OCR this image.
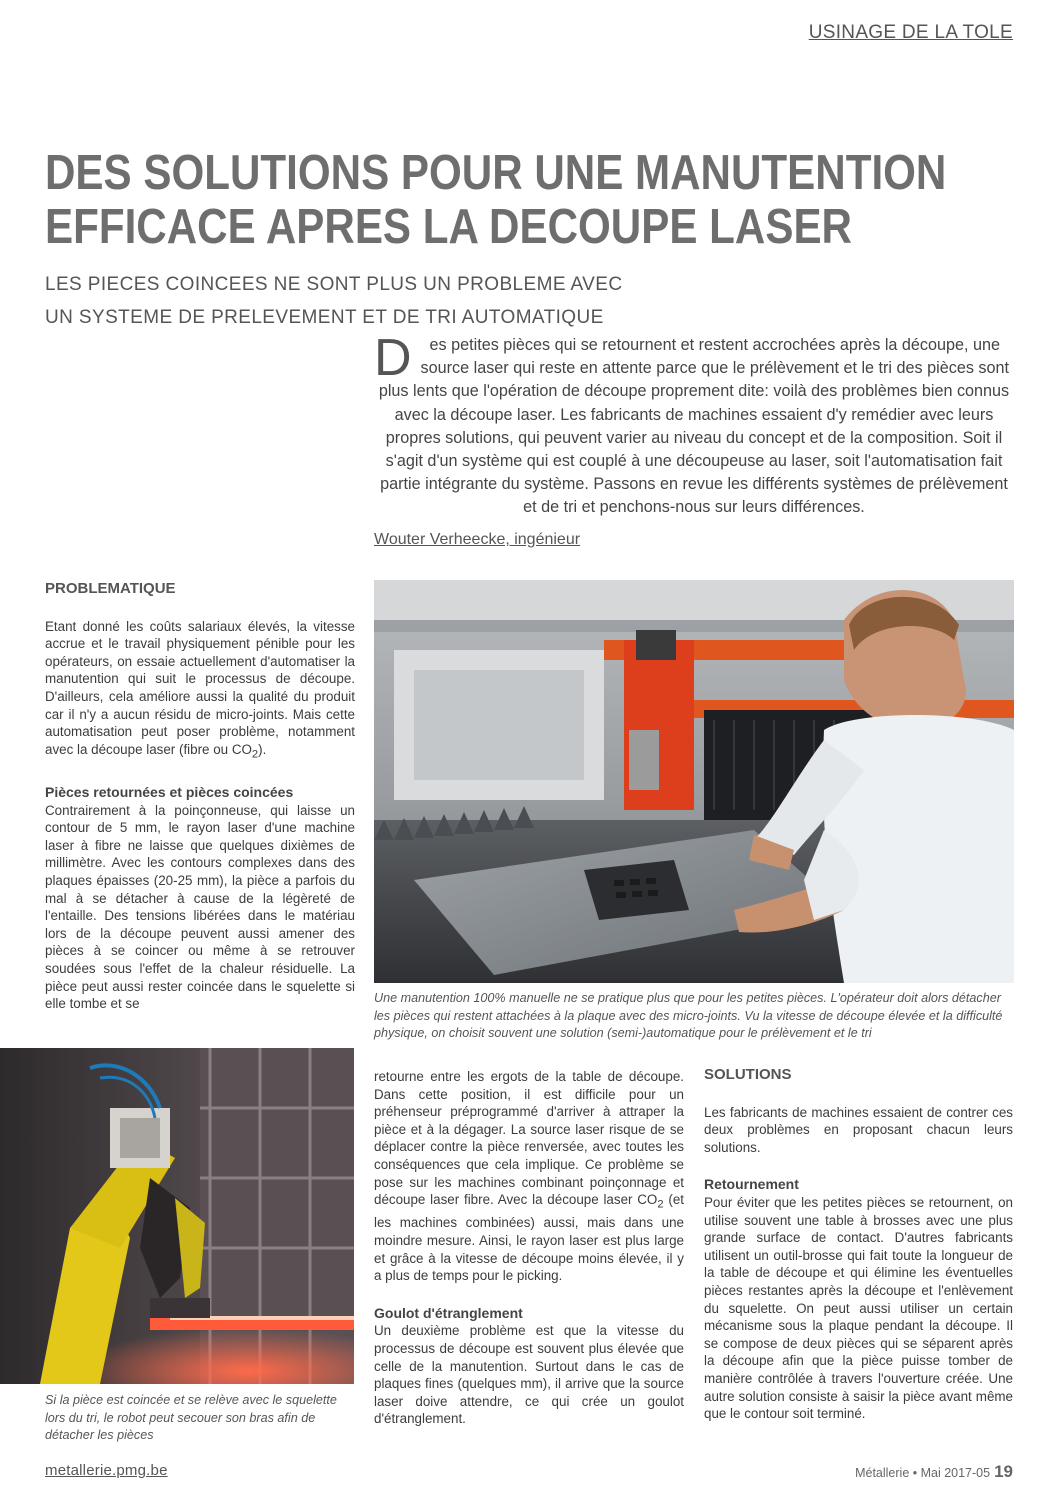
USINAGE DE LA TOLE
DES SOLUTIONS POUR UNE MANUTENTION
EFFICACE APRES LA DECOUPE LASER
LES PIECES COINCEES NE SONT PLUS UN PROBLEME AVEC
UN SYSTEME DE PRELEVEMENT ET DE TRI AUTOMATIQUE
D es petites pièces qui se retournent et restent accrochées après la découpe, une source laser qui reste en attente parce que le prélèvement et le tri des pièces sont plus lents que l'opération de découpe proprement dite: voilà des problèmes bien connus avec la découpe laser. Les fabricants de machines essaient d'y remédier avec leurs propres solutions, qui peuvent varier au niveau du concept et de la composition. Soit il s'agit d'un système qui est couplé à une découpeuse au laser, soit l'automatisation fait partie intégrante du système. Passons en revue les différents systèmes de prélèvement et de tri et penchons-nous sur leurs différences.
Wouter Verheecke, ingénieur
Une manutention 100% manuelle ne se pratique plus que pour les petites pièces. L'opérateur doit alors détacher les pièces qui restent attachées à la plaque avec des micro-joints. Vu la vitesse de découpe élevée et la difficulté physique, on choisit souvent une solution (semi-)automatique pour le prélèvement et le tri
Si la pièce est coincée et se relève avec le squelette lors du tri, le robot peut secouer son bras afin de détacher les pièces
PROBLEMATIQUE

Etant donné les coûts salariaux élevés, la vitesse accrue et le travail physiquement pénible pour les opérateurs, on essaie actuellement d'automatiser la manutention qui suit le processus de découpe. D'ailleurs, cela améliore aussi la qualité du produit car il n'y a aucun résidu de micro-joints. Mais cette automatisation peut poser problème, notamment avec la découpe laser (fibre ou $CO_2$).

Pièces retournées et pièces coincées

Contrairement à la poinçonneuse, qui laisse un contour de 5 mm, le rayon laser d'une machine laser à fibre ne laisse que quelques dixièmes de millimètre. Avec les contours complexes dans des plaques épaisses (20-25 mm), la pièce a parfois du mal à se détacher à cause de la légèreté de l'entaille. Des tensions libérées dans le matériau lors de la découpe peuvent aussi amener des pièces à se coincer ou même à se retrouver soudées sous l'effet de la chaleur résiduelle. La pièce peut aussi rester coincée dans le squelette si elle tombe et se

retourne entre les ergots de la table de découpe. Dans cette position, il est difficile pour un préhenseur préprogrammé d'arriver à attraper la pièce et à la dégager. La source laser risque de se déplacer contre la pièce renversée, avec toutes les conséquences que cela implique. Ce problème se pose sur les machines combinant poinçonnage et découpe laser fibre. Avec la découpe laser $CO_2$ (et les machines combinées) aussi, mais dans une moindre mesure. Ainsi, le rayon laser est plus large et grâce à la vitesse de découpe moins élevée, il y a plus de temps pour le picking.

Goulot d'étranglement

Un deuxième problème est que la vitesse du processus de découpe est souvent plus élevée que celle de la manutention. Surtout dans le cas de plaques fines (quelques mm), il arrive que la source laser doive attendre, ce qui crée un goulot d'étranglement.

SOLUTIONS

Les fabricants de machines essaient de contrer ces deux problèmes en proposant chacun leurs solutions.

Retournement

Pour éviter que les petites pièces se retournent, on utilise souvent une table à brosses avec une plus grande surface de contact. D'autres fabricants utilisent un outil-brosse qui fait toute la longueur de la table de découpe et qui élimine les éventuelles pièces restantes après la découpe et l'enlèvement du squelette. On peut aussi utiliser un certain mécanisme sous la plaque pendant la découpe. Il se compose de deux pièces qui se séparent après la découpe afin que la pièce puisse tomber de manière contrôlée à travers l'ouverture créée. Une autre solution consiste à saisir la pièce avant même que le contour soit terminé.

metallerie.pmg.be	Métallerie • Mai 2017-05 19
